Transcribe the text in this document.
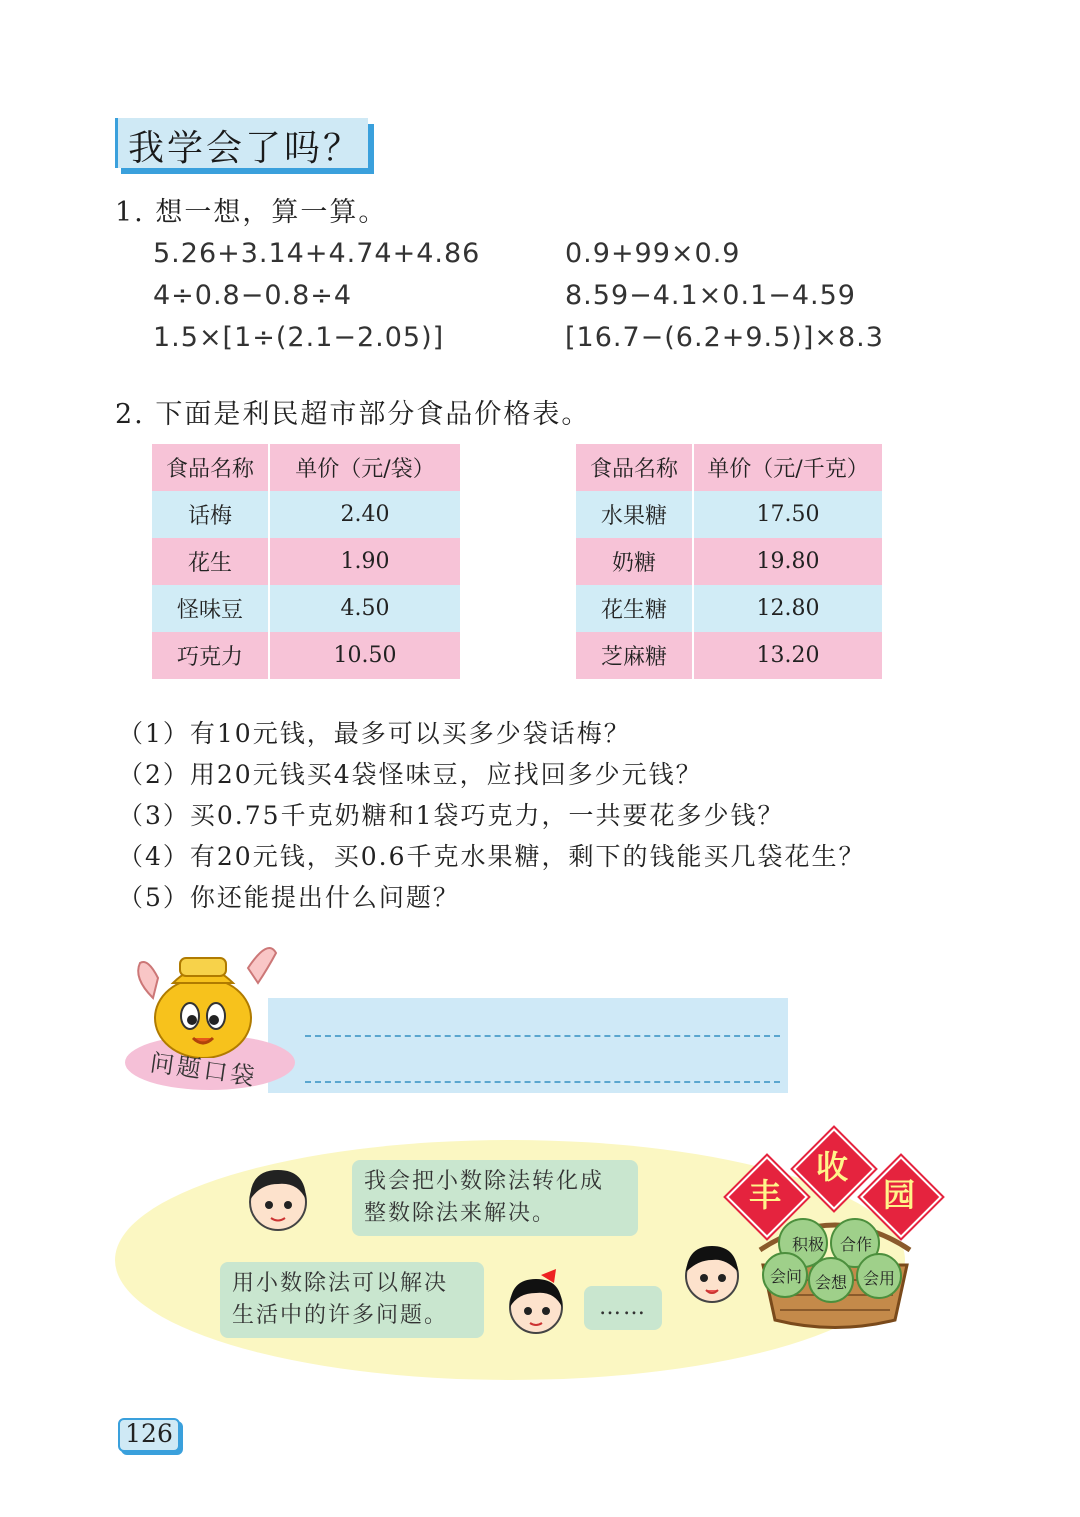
我学会了吗？
1. 想一想，算一算。
5.26+3.14+4.74+4.86	0.9+99×0.9
4÷0.8−0.8÷4	8.59−4.1×0.1−4.59
1.5×[1÷(2.1−2.05)]	[16.7−(6.2+9.5)]×8.3
2. 下面是利民超市部分食品价格表。
食品名称	单价（元/袋）
话梅	2.40
花生	1.90
怪味豆	4.50
巧克力	10.50
食品名称	单价（元/千克）
水果糖	17.50
奶糖	19.80
花生糖	12.80
芝麻糖	13.20
（1）有10元钱，最多可以买多少袋话梅？
（2）用20元钱买4袋怪味豆，应找回多少元钱？
（3）买0.75千克奶糖和1袋巧克力，一共要花多少钱？
（4）有20元钱，买0.6千克水果糖，剩下的钱能买几袋花生？
（5）你还能提出什么问题？
问题口袋
我会把小数除法转化成
整数除法来解决。
用小数除法可以解决
生活中的许多问题。	……
积极 合作
会问 会想 会用
丰
收
园
126
